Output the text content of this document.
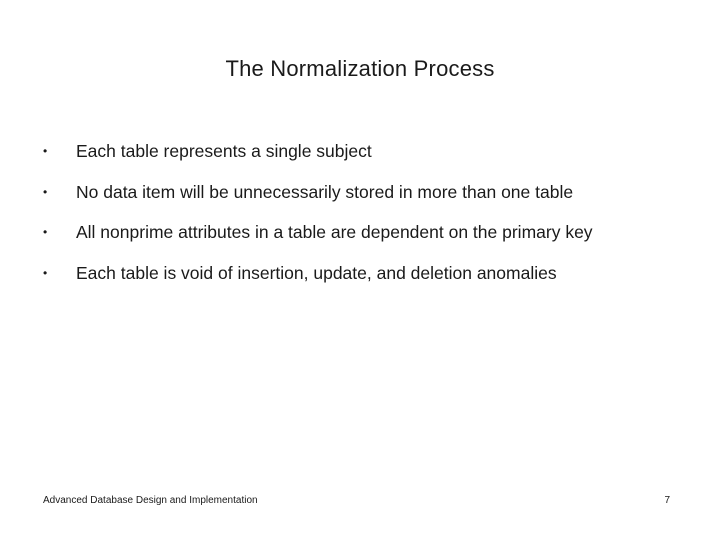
The Normalization Process
• Each table represents a single subject
• No data item will be unnecessarily stored in more than one table
• All nonprime attributes in a table are dependent on the primary key
• Each table is void of insertion, update, and deletion anomalies
Advanced Database Design and Implementation	7
